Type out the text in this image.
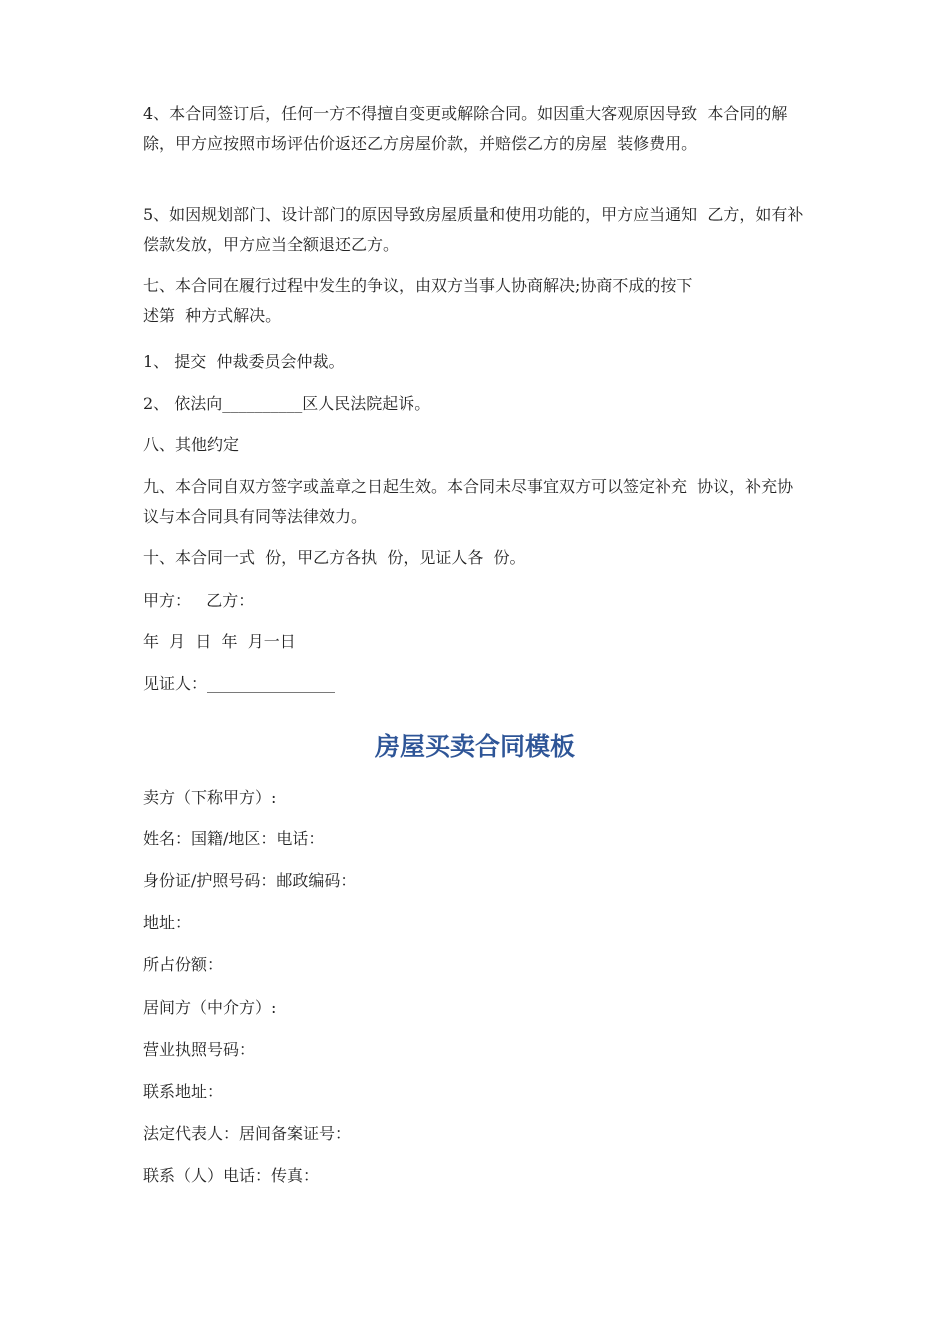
4、本合同签订后，任何一方不得擅自变更或解除合同。如因重大客观原因导致  本合同的解除，甲方应按照市场评估价返还乙方房屋价款，并赔偿乙方的房屋  装修费用。

5、如因规划部门、设计部门的原因导致房屋质量和使用功能的，甲方应当通知  乙方，如有补偿款发放，甲方应当全额退还乙方。

七、本合同在履行过程中发生的争议，由双方当事人协商解决;协商不成的按下
述第  种方式解决。

1、 提交  仲裁委员会仲裁。

2、 依法向__________区人民法院起诉。

八、其他约定

九、本合同自双方签字或盖章之日起生效。本合同未尽事宜双方可以签定补充  协议，补充协议与本合同具有同等法律效力。

十、本合同一式  份，甲乙方各执  份，见证人各  份。

甲方：   乙方：

年  月  日  年  月一日

见证人：________________

房屋买卖合同模板

卖方（下称甲方）:

姓名：国籍/地区：电话：

身份证/护照号码：邮政编码：

地址：

所占份额：

居间方（中介方）:

营业执照号码：

联系地址：

法定代表人：居间备案证号：

联系（人）电话：传真：
